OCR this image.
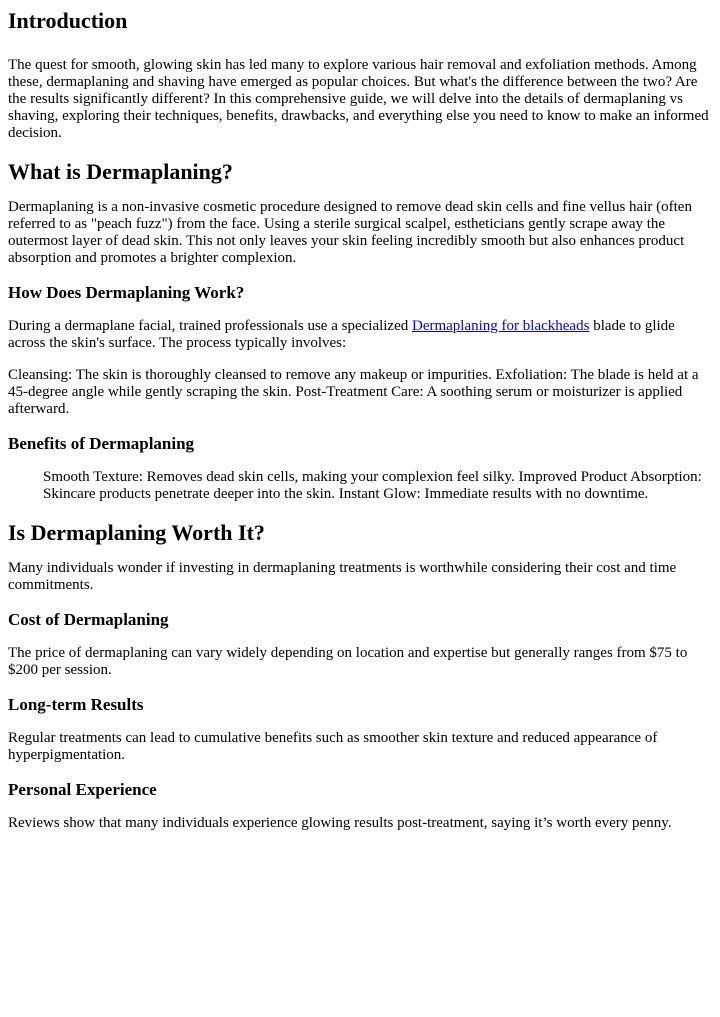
Introduction

The quest for smooth, glowing skin has led many to explore various hair removal and exfoliation methods. Among these, dermaplaning and shaving have emerged as popular choices. But what's the difference between the two? Are the results significantly different? In this comprehensive guide, we will delve into the details of dermaplaning vs shaving, exploring their techniques, benefits, drawbacks, and everything else you need to know to make an informed decision.

What is Dermaplaning?

Dermaplaning is a non-invasive cosmetic procedure designed to remove dead skin cells and fine vellus hair (often referred to as "peach fuzz") from the face. Using a sterile surgical scalpel, estheticians gently scrape away the outermost layer of dead skin. This not only leaves your skin feeling incredibly smooth but also enhances product absorption and promotes a brighter complexion.

How Does Dermaplaning Work?

During a dermaplane facial, trained professionals use a specialized Dermaplaning for blackheads blade to glide across the skin's surface. The process typically involves:

Cleansing: The skin is thoroughly cleansed to remove any makeup or impurities. Exfoliation: The blade is held at a 45-degree angle while gently scraping the skin. Post-Treatment Care: A soothing serum or moisturizer is applied afterward.

Benefits of Dermaplaning
Smooth Texture: Removes dead skin cells, making your complexion feel silky. Improved Product Absorption: Skincare products penetrate deeper into the skin. Instant Glow: Immediate results with no downtime.
Is Dermaplaning Worth It?

Many individuals wonder if investing in dermaplaning treatments is worthwhile considering their cost and time commitments.

Cost of Dermaplaning

The price of dermaplaning can vary widely depending on location and expertise but generally ranges from $75 to $200 per session.

Long-term Results

Regular treatments can lead to cumulative benefits such as smoother skin texture and reduced appearance of hyperpigmentation.

Personal Experience

Reviews show that many individuals experience glowing results post-treatment, saying it’s worth every penny.
